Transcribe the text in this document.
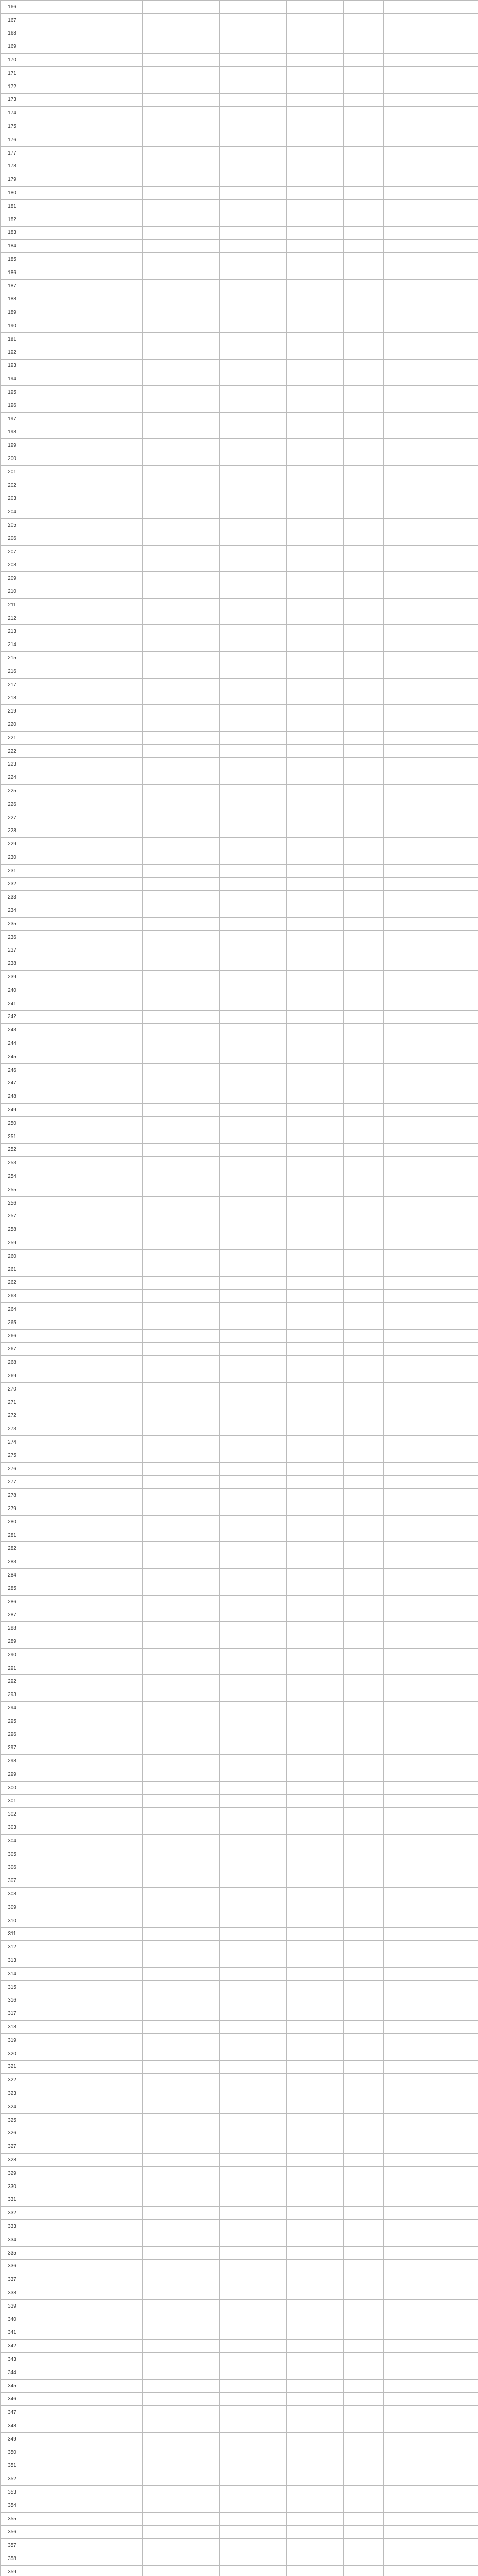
166							
167							
168							
169							
170							
171							
172							
173							
174							
175							
176							
177							
178							
179							
180							
181							
182							
183							
184							
185							
186							
187							
188							
189							
190							
191							
192							
193							
194							
195							
196							
197							
198							
199							
200							
201							
202							
203							
204							
205							
206							
207							
208							
209							
210							
211							
212							
213							
214							
215							
216							
217							
218							
219							
220							
221							
222							
223							
224							
225							
226							
227							
228							
229							
230							
231							
232							
233							
234							
235							
236							
237							
238							
239							
240							
241							
242							
243							
244							
245							
246							
247							
248							
249							
250							
251							
252							
253							
254							
255							
256							
257							
258							
259							
260							
261							
262							
263							
264							
265							
266							
267							
268							
269							
270							
271							
272							
273							
274							
275							
276							
277							
278							
279							
280							
281							
282							
283							
284							
285							
286							
287							
288							
289							
290							
291							
292							
293							
294							
295							
296							
297							
298							
299							
300							
301							
302							
303							
304							
305							
306							
307							
308							
309							
310							
311							
312							
313							
314							
315							
316							
317							
318							
319							
320							
321							
322							
323							
324							
325							
326							
327							
328							
329							
330							
331							
332							
333							
334							
335							
336							
337							
338							
339							
340							
341							
342							
343							
344							
345							
346							
347							
348							
349							
350							
351							
352							
353							
354							
355							
356							
357							
358							
359							
